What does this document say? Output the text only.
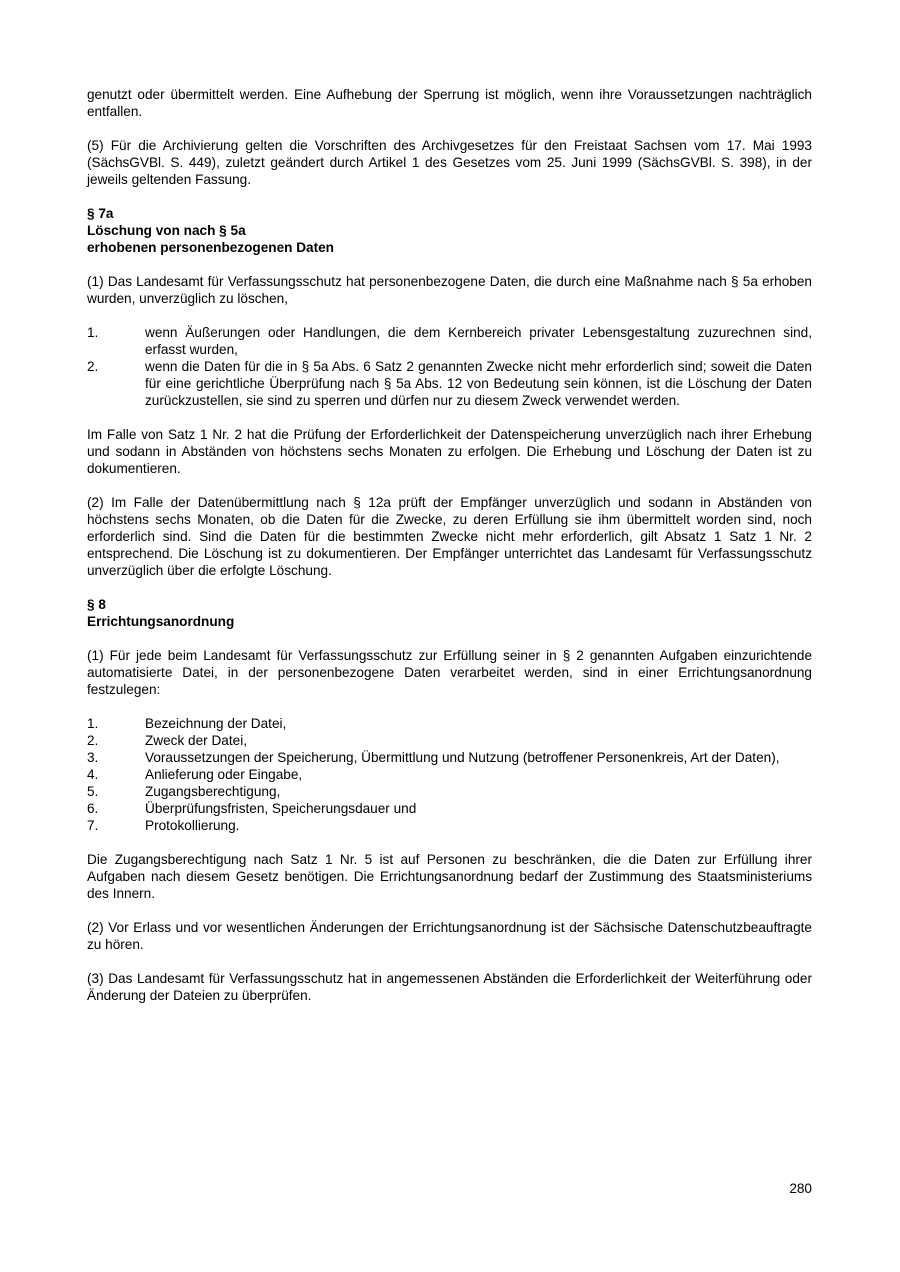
genutzt oder übermittelt werden. Eine Aufhebung der Sperrung ist möglich, wenn ihre Voraussetzungen nachträglich entfallen.

(5) Für die Archivierung gelten die Vorschriften des Archivgesetzes für den Freistaat Sachsen vom 17. Mai 1993 (SächsGVBl. S. 449), zuletzt geändert durch Artikel 1 des Gesetzes vom 25. Juni 1999 (SächsGVBl. S. 398), in der jeweils geltenden Fassung.

§ 7a
Löschung von nach § 5a
erhobenen personenbezogenen Daten

(1) Das Landesamt für Verfassungsschutz hat personenbezogene Daten, die durch eine Maßnahme nach § 5a erhoben wurden, unverzüglich zu löschen,

1.	wenn Äußerungen oder Handlungen, die dem Kernbereich privater Lebensgestaltung zuzurechnen sind, erfasst wurden,
2.	wenn die Daten für die in § 5a Abs. 6 Satz 2 genannten Zwecke nicht mehr erforderlich sind; soweit die Daten für eine gerichtliche Überprüfung nach § 5a Abs. 12 von Bedeutung sein können, ist die Löschung der Daten zurückzustellen, sie sind zu sperren und dürfen nur zu diesem Zweck verwendet werden.

Im Falle von Satz 1 Nr. 2 hat die Prüfung der Erforderlichkeit der Datenspeicherung unverzüglich nach ihrer Erhebung und sodann in Abständen von höchstens sechs Monaten zu erfolgen. Die Erhebung und Löschung der Daten ist zu dokumentieren.

(2) Im Falle der Datenübermittlung nach § 12a prüft der Empfänger unverzüglich und sodann in Abständen von höchstens sechs Monaten, ob die Daten für die Zwecke, zu deren Erfüllung sie ihm übermittelt worden sind, noch erforderlich sind. Sind die Daten für die bestimmten Zwecke nicht mehr erforderlich, gilt Absatz 1 Satz 1 Nr. 2 entsprechend. Die Löschung ist zu dokumentieren. Der Empfänger unterrichtet das Landesamt für Verfassungsschutz unverzüglich über die erfolgte Löschung.

§ 8
Errichtungsanordnung

(1) Für jede beim Landesamt für Verfassungsschutz zur Erfüllung seiner in § 2 genannten Aufgaben einzurichtende automatisierte Datei, in der personenbezogene Daten verarbeitet werden, sind in einer Errichtungsanordnung festzulegen:

1.	Bezeichnung der Datei,
2.	Zweck der Datei,
3.	Voraussetzungen der Speicherung, Übermittlung und Nutzung (betroffener Personenkreis, Art der Daten),
4.	Anlieferung oder Eingabe,
5.	Zugangsberechtigung,
6.	Überprüfungsfristen, Speicherungsdauer und
7.	Protokollierung.

Die Zugangsberechtigung nach Satz 1 Nr. 5 ist auf Personen zu beschränken, die die Daten zur Erfüllung ihrer Aufgaben nach diesem Gesetz benötigen. Die Errichtungsanordnung bedarf der Zustimmung des Staatsministeriums des Innern.

(2) Vor Erlass und vor wesentlichen Änderungen der Errichtungsanordnung ist der Sächsische Datenschutzbeauftragte zu hören.

(3) Das Landesamt für Verfassungsschutz hat in angemessenen Abständen die Erforderlichkeit der Weiterführung oder Änderung der Dateien zu überprüfen.

280
